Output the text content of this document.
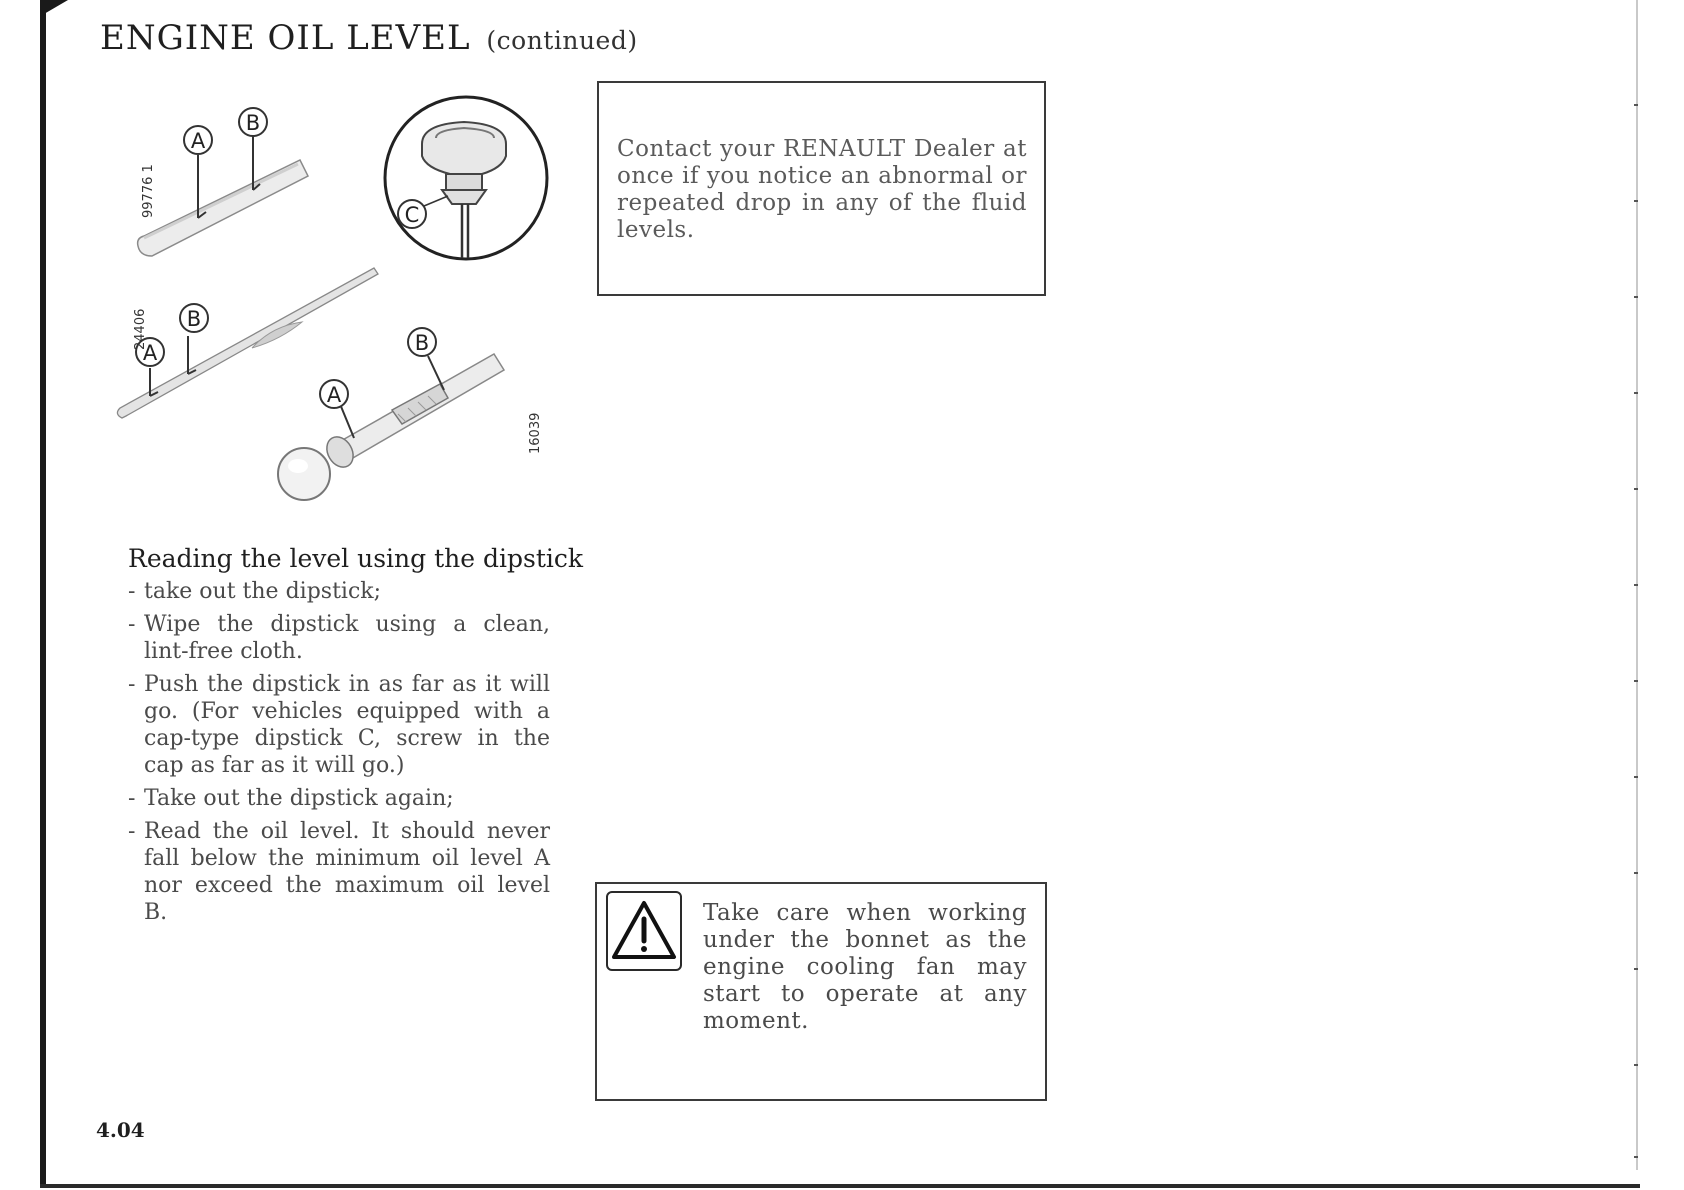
ENGINE OIL LEVEL (continued)
A
B
99776 1	C
A
B
24406
A
B
16039
Reading the level using the dipstick
- take out the dipstick;
- Wipe the dipstick using a clean, lint-free cloth.
- Push the dipstick in as far as it will go. (For vehicles equipped with a cap-type dipstick C, screw in the cap as far as it will go.)
- Take out the dipstick again;
- Read the oil level. It should never fall below the minimum oil level A nor exceed the maximum oil level B.

Contact your RENAULT Dealer at once if you notice an abnormal or repeated drop in any of the fluid levels.

Take care when working under the bonnet as the engine cooling fan may start to operate at any moment.

4.04
